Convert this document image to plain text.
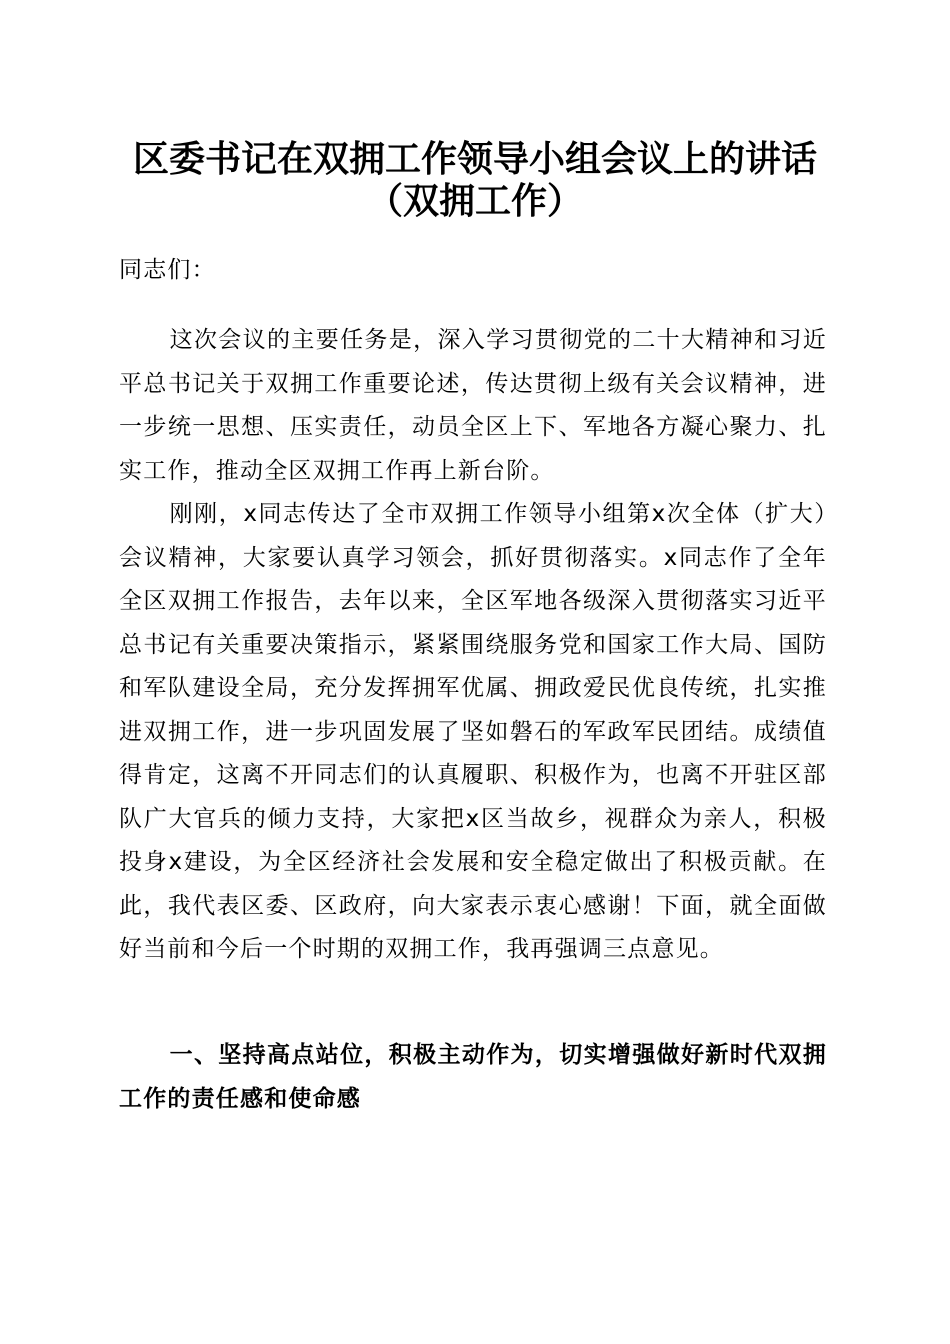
区委书记在双拥工作领导小组会议上的讲话
（双拥工作）

同志们：

这次会议的主要任务是，深入学习贯彻党的二十大精神和习近平总书记关于双拥工作重要论述，传达贯彻上级有关会议精神，进一步统一思想、压实责任，动员全区上下、军地各方凝心聚力、扎实工作，推动全区双拥工作再上新台阶。

刚刚，x同志传达了全市双拥工作领导小组第x次全体（扩大）会议精神，大家要认真学习领会，抓好贯彻落实。x同志作了全年全区双拥工作报告，去年以来，全区军地各级深入贯彻落实习近平总书记有关重要决策指示，紧紧围绕服务党和国家工作大局、国防和军队建设全局，充分发挥拥军优属、拥政爱民优良传统，扎实推进双拥工作，进一步巩固发展了坚如磐石的军政军民团结。成绩值得肯定，这离不开同志们的认真履职、积极作为，也离不开驻区部队广大官兵的倾力支持，大家把x区当故乡，视群众为亲人，积极投身x建设，为全区经济社会发展和安全稳定做出了积极贡献。在此，我代表区委、区政府，向大家表示衷心感谢！下面，就全面做好当前和今后一个时期的双拥工作，我再强调三点意见。

一、坚持高点站位，积极主动作为，切实增强做好新时代双拥工作的责任感和使命感
